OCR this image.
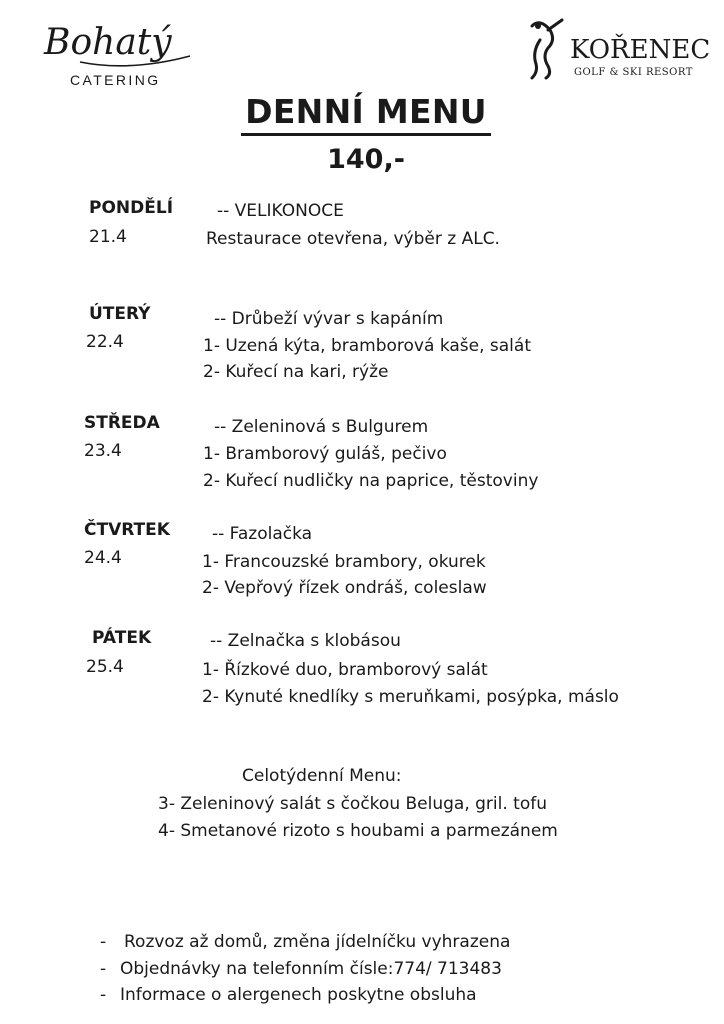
Bohatý
CATERING
KOŘENEC
GOLF & SKI RESORT
DENNÍ MENU
140,-
PONDĚLÍ
21.4
-- VELIKONOCE
Restaurace otevřena, výběr z ALC.
ÚTERÝ
22.4
-- Drůbeží vývar s kapáním
1- Uzená kýta, bramborová kaše, salát
2- Kuřecí na kari, rýže
STŘEDA
23.4
-- Zeleninová s Bulgurem
1- Bramborový guláš, pečivo
2- Kuřecí nudličky na paprice, těstoviny
ČTVRTEK
24.4
-- Fazolačka
1- Francouzské brambory, okurek
2- Vepřový řízek ondráš, coleslaw
PÁTEK
25.4
-- Zelnačka s klobásou
1- Řízkové duo, bramborový salát
2- Kynuté knedlíky s meruňkami, posýpka, máslo
Celotýdenní Menu:
3- Zeleninový salát s čočkou Beluga, gril. tofu
4- Smetanové rizoto s houbami a parmezánem
- Rozvoz až domů, změna jídelníčku vyhrazena
- Objednávky na telefonním čísle:774/ 713483
- Informace o alergenech poskytne obsluha
